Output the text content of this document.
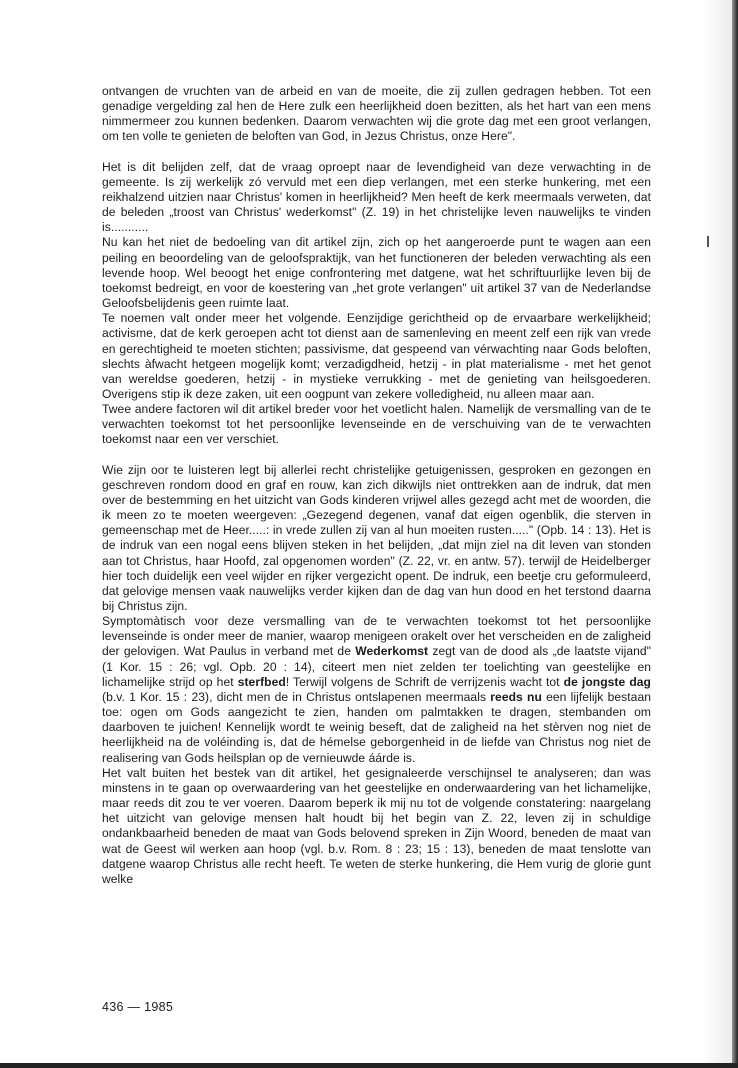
ontvangen de vruchten van de arbeid en van de moeite, die zij zullen gedragen hebben. Tot een genadige vergelding zal hen de Here zulk een heerlijkheid doen bezitten, als het hart van een mens nimmermeer zou kunnen bedenken. Daarom verwachten wij die grote dag met een groot verlangen, om ten volle te genieten de beloften van God, in Jezus Christus, onze Here".

Het is dit belijden zelf, dat de vraag oproept naar de levendigheid van deze verwachting in de gemeente. Is zij werkelijk zó vervuld met een diep verlangen, met een sterke hunkering, met een reikhalzend uitzien naar Christus' komen in heerlijkheid? Men heeft de kerk meermaals verweten, dat de beleden „troost van Christus' wederkomst" (Z. 19) in het christelijke leven nauwelijks te vinden is...........

Nu kan het niet de bedoeling van dit artikel zijn, zich op het aangeroerde punt te wagen aan een peiling en beoordeling van de geloofspraktijk, van het functioneren der beleden verwachting als een levende hoop. Wel beoogt het enige confrontering met datgene, wat het schriftuurlijke leven bij de toekomst bedreigt, en voor de koestering van „het grote verlangen" uit artikel 37 van de Nederlandse Geloofsbelijdenis geen ruimte laat.

Te noemen valt onder meer het volgende. Eenzijdige gerichtheid op de ervaarbare werkelijkheid; activisme, dat de kerk geroepen acht tot dienst aan de samenleving en meent zelf een rijk van vrede en gerechtigheid te moeten stichten; passivisme, dat gespeend van vérwachting naar Gods beloften, slechts àfwacht hetgeen mogelijk komt; verzadigdheid, hetzij - in plat materialisme - met het genot van wereldse goederen, hetzij - in mystieke verrukking - met de genieting van heilsgoederen. Overigens stip ik deze zaken, uit een oogpunt van zekere volledigheid, nu alleen maar aan.

Twee andere factoren wil dit artikel breder voor het voetlicht halen. Namelijk de versmalling van de te verwachten toekomst tot het persoonlijke levenseinde en de verschuiving van de te verwachten toekomst naar een ver verschiet.

Wie zijn oor te luisteren legt bij allerlei recht christelijke getuigenissen, gesproken en gezongen en geschreven rondom dood en graf en rouw, kan zich dikwijls niet onttrekken aan de indruk, dat men over de bestemming en het uitzicht van Gods kinderen vrijwel alles gezegd acht met de woorden, die ik meen zo te moeten weergeven: „Gezegend degenen, vanaf dat eigen ogenblik, die sterven in gemeenschap met de Heer.....: in vrede zullen zij van al hun moeiten rusten....." (Opb. 14 : 13). Het is de indruk van een nogal eens blijven steken in het belijden, „dat mijn ziel na dit leven van stonden aan tot Christus, haar Hoofd, zal opgenomen worden" (Z. 22, vr. en antw. 57). terwijl de Heidelberger hier toch duidelijk een veel wijder en rijker vergezicht opent. De indruk, een beetje cru geformuleerd, dat gelovige mensen vaak nauwelijks verder kijken dan de dag van hun dood en het terstond daarna bij Christus zijn.

Symptomàtisch voor deze versmalling van de te verwachten toekomst tot het persoonlijke levenseinde is onder meer de manier, waarop menigeen orakelt over het verscheiden en de zaligheid der gelovigen. Wat Paulus in verband met de Wederkomst zegt van de dood als „de laatste vijand" (1 Kor. 15 : 26; vgl. Opb. 20 : 14), citeert men niet zelden ter toelichting van geestelijke en lichamelijke strijd op het sterfbed! Terwijl volgens de Schrift de verrijzenis wacht tot de jongste dag (b.v. 1 Kor. 15 : 23), dicht men de in Christus ontslapenen meermaals reeds nu een lijfelijk bestaan toe: ogen om Gods aangezicht te zien, handen om palmtakken te dragen, stembanden om daarboven te juichen! Kennelijk wordt te weinig beseft, dat de zaligheid na het stèrven nog niet de heerlijkheid na de voléinding is, dat de hémelse geborgenheid in de liefde van Christus nog niet de realisering van Gods heilsplan op de vernieuwde áárde is.

Het valt buiten het bestek van dit artikel, het gesignaleerde verschijnsel te analyseren; dan was minstens in te gaan op overwaardering van het geestelijke en onderwaardering van het lichamelijke, maar reeds dit zou te ver voeren. Daarom beperk ik mij nu tot de volgende constatering: naargelang het uitzicht van gelovige mensen halt houdt bij het begin van Z. 22, leven zij in schuldige ondankbaarheid beneden de maat van Gods belovend spreken in Zijn Woord, beneden de maat van wat de Geest wil werken aan hoop (vgl. b.v. Rom. 8 : 23; 15 : 13), beneden de maat tenslotte van datgene waarop Christus alle recht heeft. Te weten de sterke hunkering, die Hem vurig de glorie gunt welke

436 — 1985
